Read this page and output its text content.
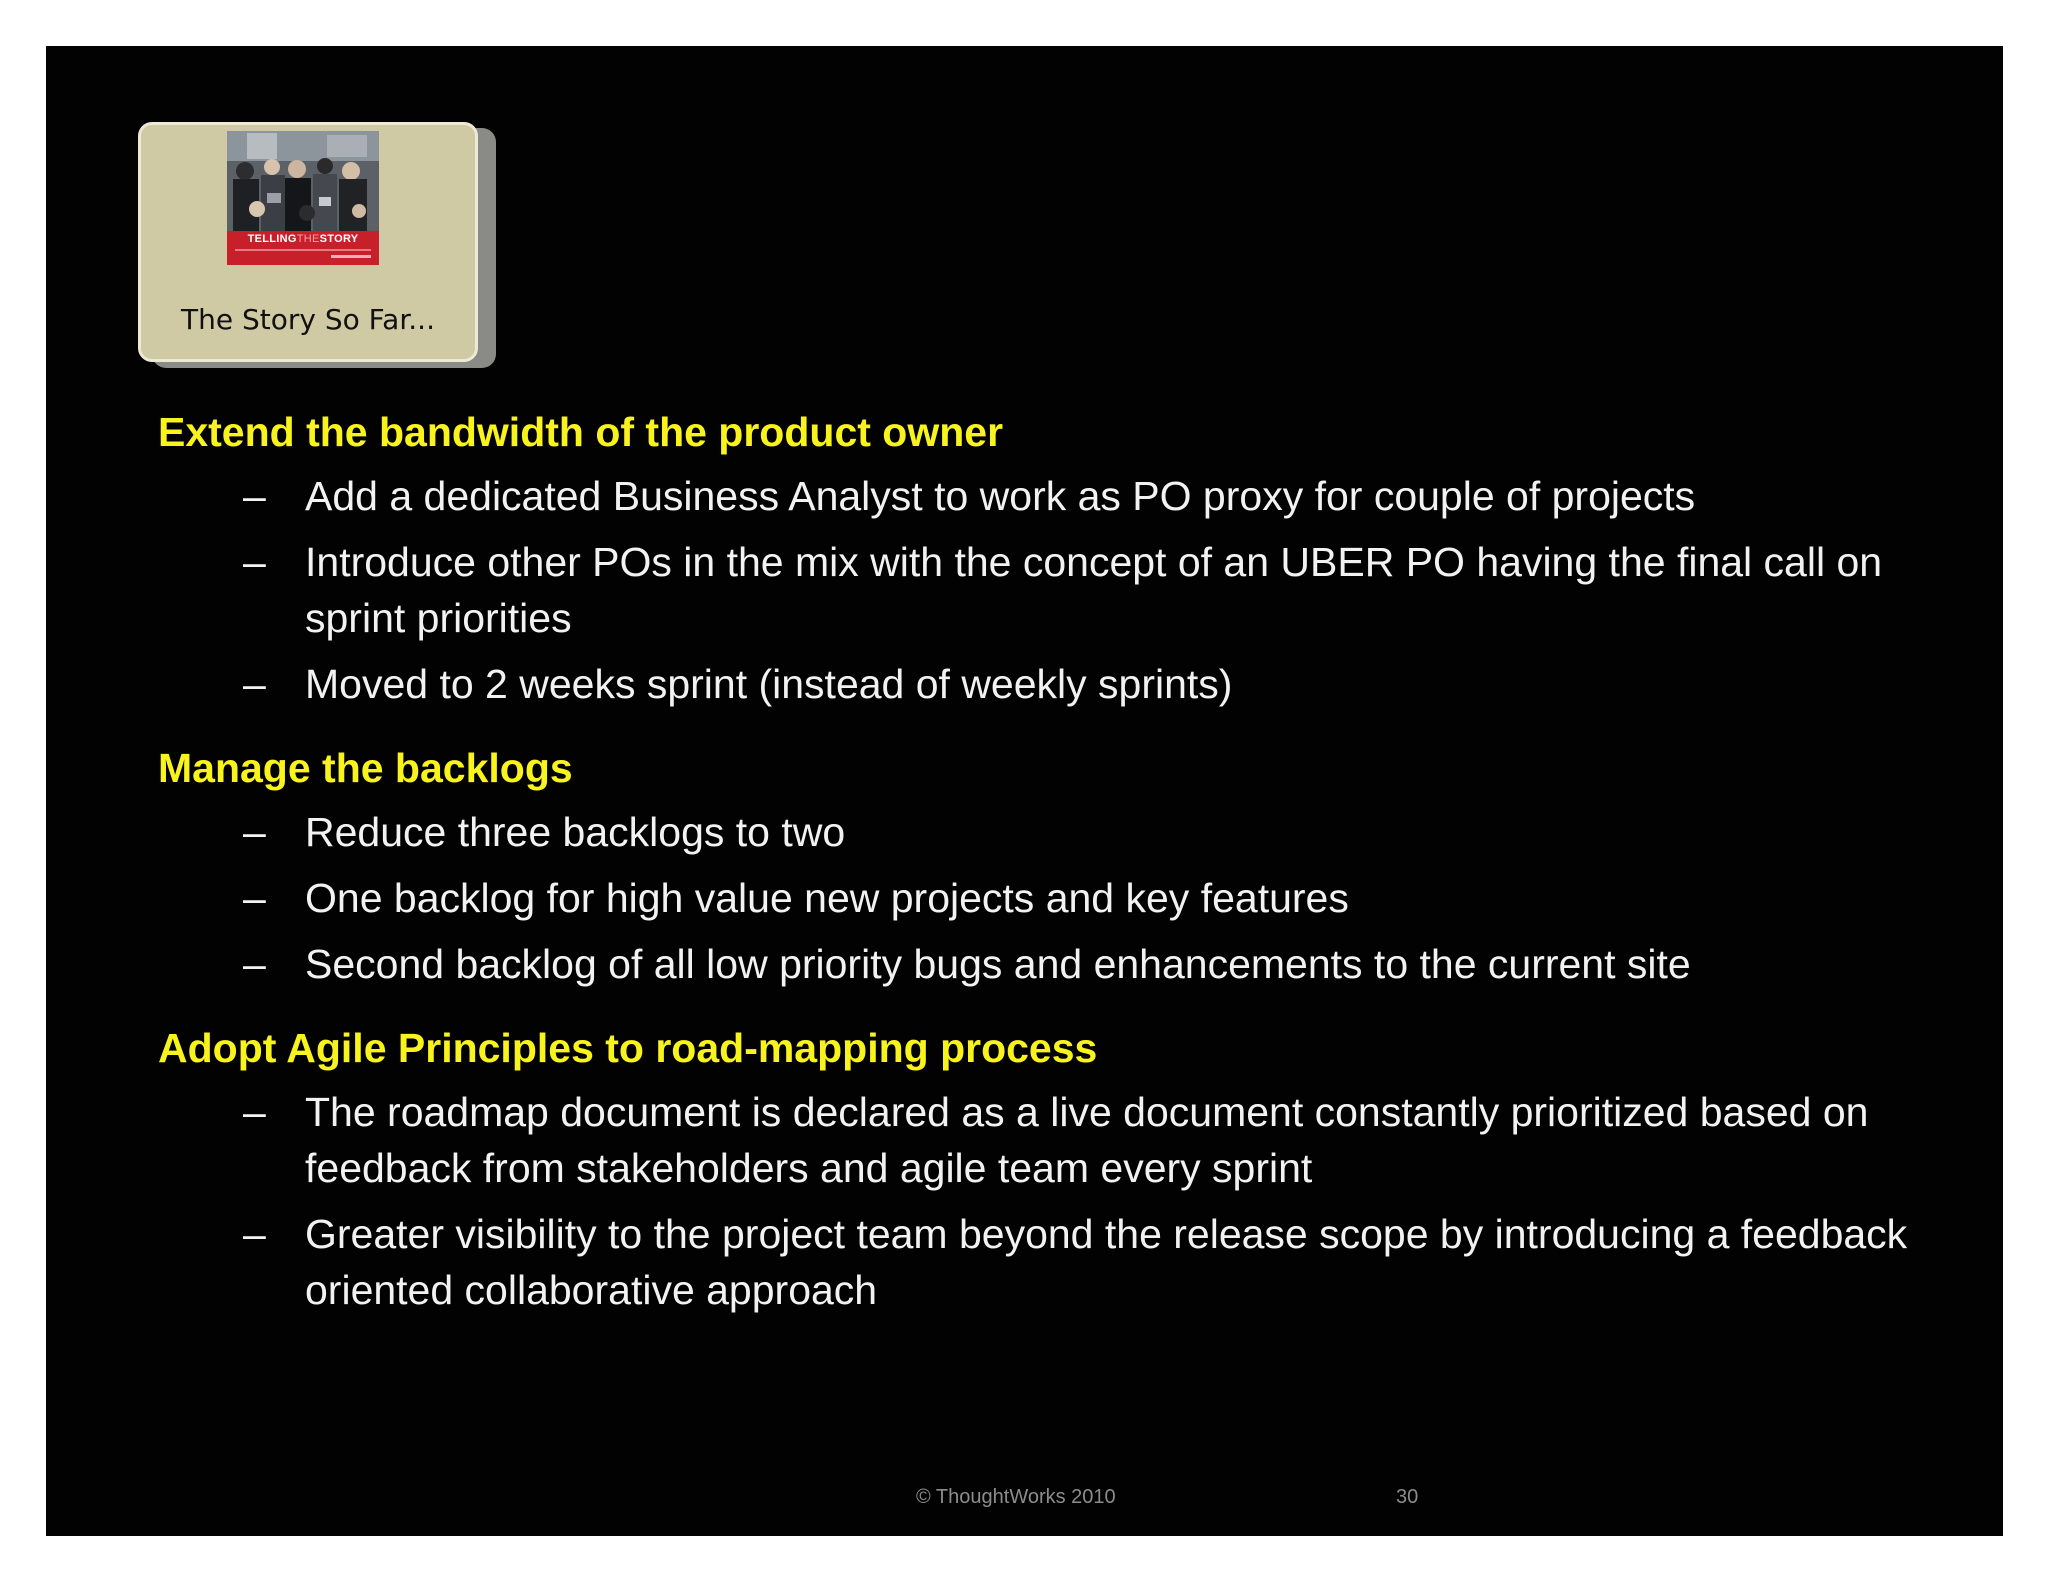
TELLINGTHESTORY
The Story So Far...
Extend the bandwidth of the product owner
– Add a dedicated Business Analyst to work as PO proxy for couple of projects
– Introduce other POs in the mix with the concept of an UBER PO having the final call on sprint priorities
– Moved to 2 weeks sprint (instead of weekly sprints)
Manage the backlogs
– Reduce three backlogs to two
– One backlog for high value new projects and key features
– Second backlog of all low priority bugs and enhancements to the current site
Adopt Agile Principles to road-mapping process
– The roadmap document is declared as a live document constantly prioritized based on feedback from stakeholders and agile team every sprint
– Greater visibility to the project team beyond the release scope by introducing a feedback oriented collaborative approach
© ThoughtWorks 2010	30
